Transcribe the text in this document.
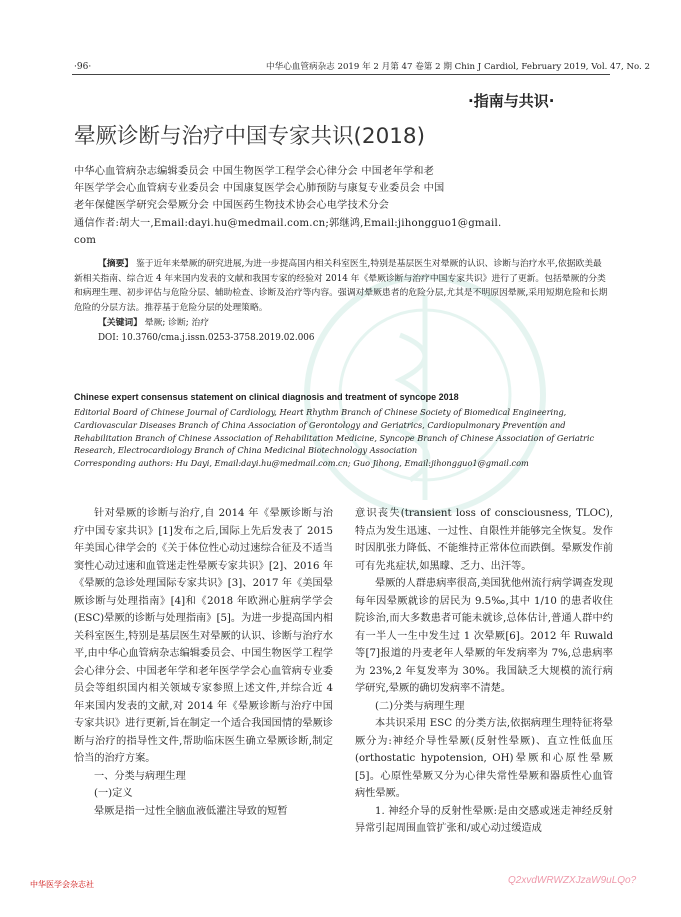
·96·	中华心血管病杂志 2019 年 2 月第 47 卷第 2 期 Chin J Cardiol, February 2019, Vol. 47, No. 2
·指南与共识·
晕厥诊断与治疗中国专家共识(2018)
中华心血管病杂志编辑委员会 中国生物医学工程学会心律分会 中国老年学和老
年医学学会心血管病专业委员会 中国康复医学会心肺预防与康复专业委员会 中国
老年保健医学研究会晕厥分会 中国医药生物技术协会心电学技术分会
通信作者:胡大一,Email:dayi.hu@medmail.com.cn;郭继鸿,Email:jihongguo1@gmail.
com
【摘要】 鉴于近年来晕厥的研究进展,为进一步提高国内相关科室医生,特别是基层医生对晕厥的认识、诊断与治疗水平,依据欧美最新相关指南、综合近 4 年来国内发表的文献和我国专家的经验对 2014 年《晕厥诊断与治疗中国专家共识》进行了更新。包括晕厥的分类和病理生理、初步评估与危险分层、辅助检查、诊断及治疗等内容。强调对晕厥患者的危险分层,尤其是不明原因晕厥,采用短期危险和长期危险的分层方法。推荐基于危险分层的处理策略。
【关键词】 晕厥; 诊断; 治疗
DOI: 10.3760/cma.j.issn.0253-3758.2019.02.006
Chinese expert consensus statement on clinical diagnosis and treatment of syncope 2018
Editorial Board of Chinese Journal of Cardiology, Heart Rhythm Branch of Chinese Society of Biomedical Engineering, Cardiovascular Diseases Branch of China Association of Gerontology and Geriatrics, Cardiopulmonary Prevention and Rehabilitation Branch of Chinese Association of Rehabilitation Medicine, Syncope Branch of Chinese Association of Geriatric Research, Electrocardiology Branch of China Medicinal Biotechnology Association
Corresponding authors: Hu Dayi, Email:dayi.hu@medmail.com.cn; Guo Jihong, Email:jihongguo1@gmail.com

针对晕厥的诊断与治疗,自 2014 年《晕厥诊断与治疗中国专家共识》[1]发布之后,国际上先后发表了 2015 年美国心律学会的《关于体位性心动过速综合征及不适当窦性心动过速和血管迷走性晕厥专家共识》[2]、2016 年《晕厥的急诊处理国际专家共识》[3]、2017 年《美国晕厥诊断与处理指南》[4]和《2018 年欧洲心脏病学学会(ESC)晕厥的诊断与处理指南》[5]。为进一步提高国内相关科室医生,特别是基层医生对晕厥的认识、诊断与治疗水平,由中华心血管病杂志编辑委员会、中国生物医学工程学会心律分会、中国老年学和老年医学学会心血管病专业委员会等组织国内相关领域专家参照上述文件,并综合近 4 年来国内发表的文献,对 2014 年《晕厥诊断与治疗中国专家共识》进行更新,旨在制定一个适合我国国情的晕厥诊断与治疗的指导性文件,帮助临床医生确立晕厥诊断,制定恰当的治疗方案。

一、分类与病理生理

(一)定义

晕厥是指一过性全脑血液低灌注导致的短暂

意识丧失(transient loss of consciousness, TLOC),特点为发生迅速、一过性、自限性并能够完全恢复。发作时因肌张力降低、不能维持正常体位而跌倒。晕厥发作前可有先兆症状,如黑矇、乏力、出汗等。

晕厥的人群患病率很高,美国犹他州流行病学调查发现每年因晕厥就诊的居民为 9.5‰,其中 1/10 的患者收住院诊治,而大多数患者可能未就诊,总体估计,普通人群中约有一半人一生中发生过 1 次晕厥[6]。2012 年 Ruwald 等[7]报道的丹麦老年人晕厥的年发病率为 7%,总患病率为 23%,2 年复发率为 30%。我国缺乏大规模的流行病学研究,晕厥的确切发病率不清楚。

(二)分类与病理生理

本共识采用 ESC 的分类方法,依据病理生理特征将晕厥分为:神经介导性晕厥(反射性晕厥)、直立性低血压(orthostatic hypotension, OH)晕厥和心原性晕厥[5]。心原性晕厥又分为心律失常性晕厥和器质性心血管病性晕厥。

1. 神经介导的反射性晕厥:是由交感或迷走神经反射异常引起周围血管扩张和/或心动过缓造成

中华医学会杂志社	Q2xvdWRWZXJzaW9uLQo?
